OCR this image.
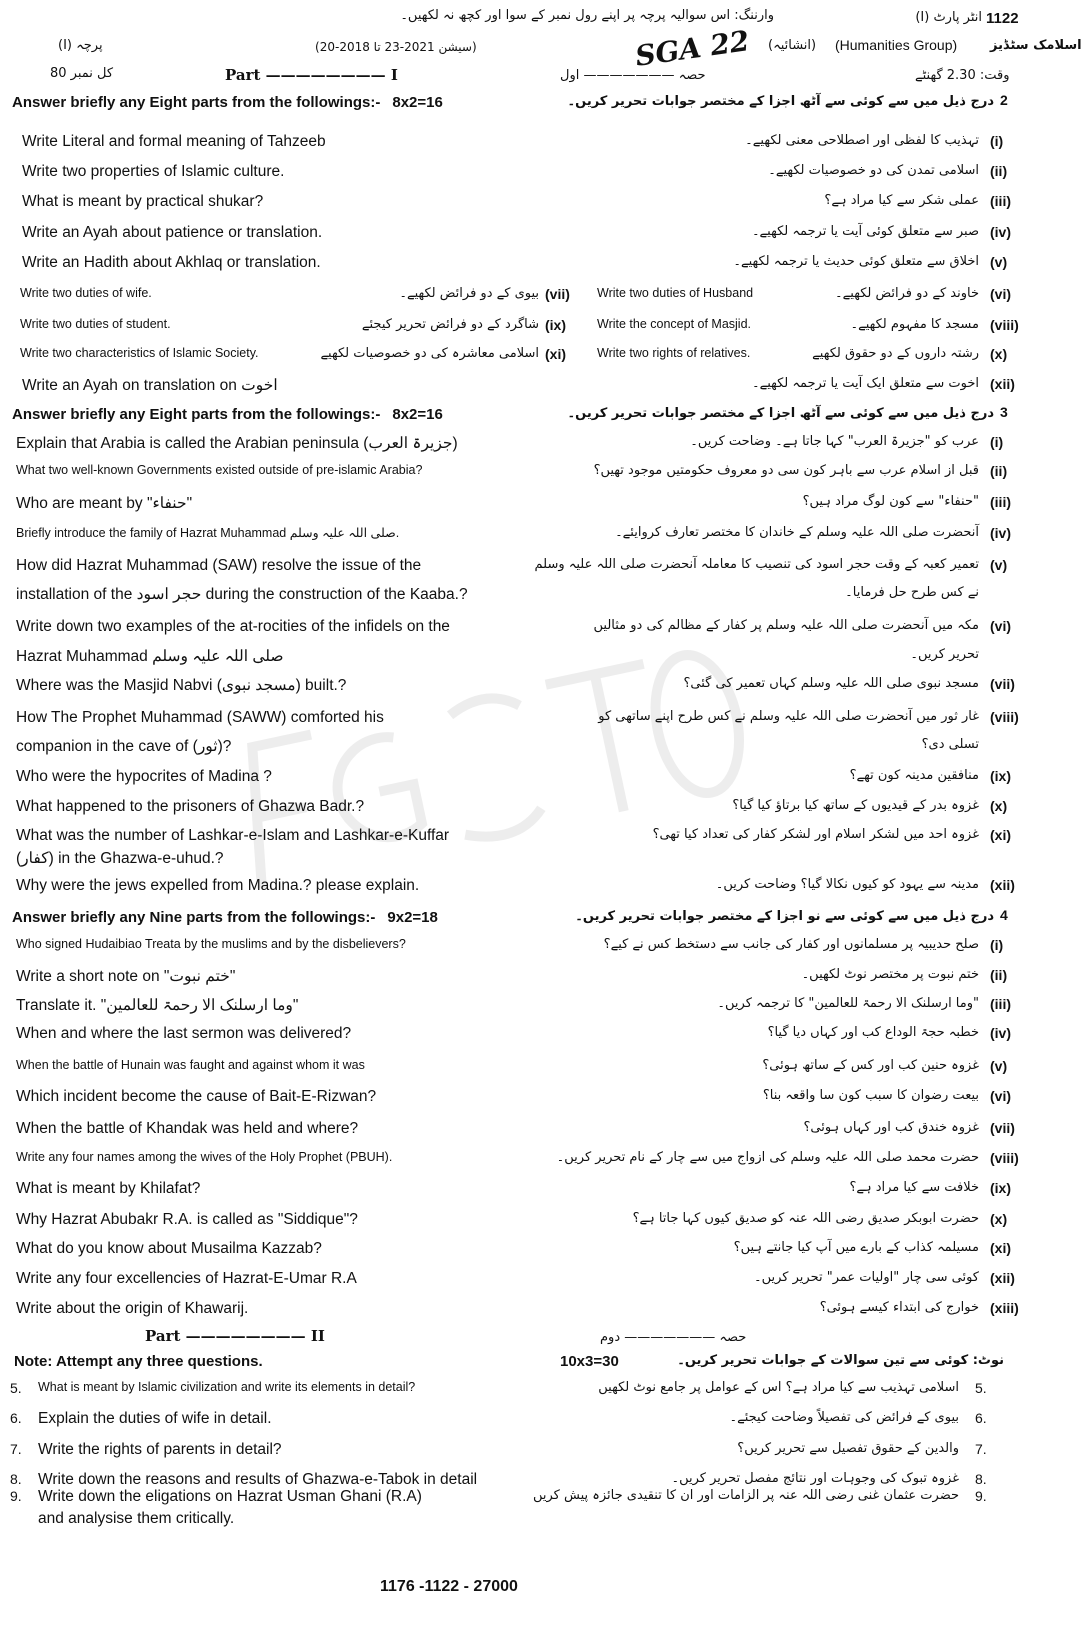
1122
انٹر پارٹ (I)
وارننگ: اس سوالیہ پرچہ پر اپنے رول نمبر کے سوا اور کچھ نہ لکھیں۔
اسلامک سٹڈیز
(Humanities Group)
(انشائیہ)
SGA 22
(سیشن 2021-23 تا 2018-20)
پرچہ (I)
وقت: 2.30 گھنٹے
حصہ ——————— اول
Part ———————— I
کل نمبر 80
2
درج ذیل میں سے کوئی سے آٹھ اجزا کے مختصر جوابات تحریر کریں۔
Answer briefly any Eight parts from the followings:- 8x2=16
Write Literal and formal meaning of Tahzeeb	تہذیب کا لفظی اور اصطلاحی معنی لکھیے۔ (i)
Write two properties of Islamic culture.	اسلامی تمدن کی دو خصوصیات لکھیے۔ (ii)
What is meant by practical shukar?	عملی شکر سے کیا مراد ہے؟ (iii)
Write an Ayah about patience or translation.	صبر سے متعلق کوئی آیت یا ترجمہ لکھیے۔ (iv)
Write an Hadith about Akhlaq or translation.	اخلاق سے متعلق کوئی حدیث یا ترجمہ لکھیے۔ (v)
Write two duties of wife.	بیوی کے دو فرائض لکھیے۔ (vii) Write two duties of Husband	خاوند کے دو فرائض لکھیے۔ (vi)
Write two duties of student.	شاگرد کے دو فرائض تحریر کیجئے (ix) Write the concept of Masjid.	مسجد کا مفہوم لکھیے۔ (viii)
Write two characteristics of Islamic Society.	اسلامی معاشرہ کی دو خصوصیات لکھیے (xi) Write two rights of relatives.	رشتہ داروں کے دو حقوق لکھیے (x)
Write an Ayah on translation on اخوت	اخوت سے متعلق ایک آیت یا ترجمہ لکھیے۔ (xii)
3
درج ذیل میں سے کوئی سے آٹھ اجزا کے مختصر جوابات تحریر کریں۔
Answer briefly any Eight parts from the followings:- 8x2=16
Explain that Arabia is called the Arabian peninsula (جزیرۃ العرب)	عرب کو "جزیرۃ العرب" کہا جاتا ہے۔ وضاحت کریں۔ (i)
What two well-known Governments existed outside of pre-islamic Arabia?	قبل از اسلام عرب سے باہر کون سی دو معروف حکومتیں موجود تھیں؟ (ii)
Who are meant by "حنفاء"	"حنفاء" سے کون لوگ مراد ہیں؟ (iii)
Briefly introduce the family of Hazrat Muhammad صلی اللہ علیہ وسلم.	آنحضرت صلی اللہ علیہ وسلم کے خاندان کا مختصر تعارف کروایئے۔ (iv)
How did Hazrat Muhammad (SAW) resolve the issue of the	تعمیر کعبہ کے وقت حجر اسود کی تنصیب کا معاملہ آنحضرت صلی اللہ علیہ وسلم
installation of the حجر اسود during the construction of the Kaaba.?	نے کس طرح حل فرمایا۔
(v)
Write down two examples of the at-rocities of the infidels on the	مکہ میں آنحضرت صلی اللہ علیہ وسلم پر کفار کے مظالم کی دو مثالیں
Hazrat Muhammad صلی اللہ علیہ وسلم	تحریر کریں۔
(vi)
Where was the Masjid Nabvi (مسجد نبوی) built.?	مسجد نبوی صلی اللہ علیہ وسلم کہاں تعمیر کی گئی؟ (vii)
How The Prophet Muhammad (SAWW) comforted his	غار ثور میں آنحضرت صلی اللہ علیہ وسلم نے کس طرح اپنے ساتھی کو
companion in the cave of (ثور)?	تسلی دی؟
(viii)
Who were the hypocrites of Madina ?	منافقین مدینہ کون تھے؟ (ix)
What happened to the prisoners of Ghazwa Badr.?	غزوہ بدر کے قیدیوں کے ساتھ کیا برتاؤ کیا گیا؟ (x)
What was the number of Lashkar-e-Islam and Lashkar-e-Kuffar	غزوہ احد میں لشکر اسلام اور لشکر کفار کی تعداد کیا تھی؟
(کفار) in the Ghazwa-e-uhud.?
(xi)
Why were the jews expelled from Madina.? please explain.	مدینہ سے یہود کو کیوں نکالا گیا؟ وضاحت کریں۔ (xii)
4
درج ذیل میں سے کوئی سے نو اجزا کے مختصر جوابات تحریر کریں۔
Answer briefly any Nine parts from the followings:- 9x2=18
Who signed Hudaibiao Treata by the muslims and by the disbelievers?	صلح حدیبیہ پر مسلمانوں اور کفار کی جانب سے دستخط کس نے کیے؟ (i)
Write a short note on "ختم نبوت"	ختم نبوت پر مختصر نوٹ لکھیں۔ (ii)
Translate it. "وما ارسلنک الا رحمۃ للعالمین"	"وما ارسلنک الا رحمۃ للعالمین" کا ترجمہ کریں۔ (iii)
When and where the last sermon was delivered?	خطبہ حجۃ الوداع کب اور کہاں دیا گیا؟ (iv)
When the battle of Hunain was faught and against whom it was	غزوہ حنین کب اور کس کے ساتھ ہوئی؟ (v)
Which incident become the cause of Bait-E-Rizwan?	بیعت رضوان کا سبب کون سا واقعہ بنا؟ (vi)
When the battle of Khandak was held and where?	غزوہ خندق کب اور کہاں ہوئی؟ (vii)
Write any four names among the wives of the Holy Prophet (PBUH).	حضرت محمد صلی اللہ علیہ وسلم کی ازواج میں سے چار کے نام تحریر کریں۔ (viii)
What is meant by Khilafat?	خلافت سے کیا مراد ہے؟ (ix)
Why Hazrat Abubakr R.A. is called as "Siddique"?	حضرت ابوبکر صدیق رضی اللہ عنہ کو صدیق کیوں کہا جاتا ہے؟ (x)
What do you know about Musailma Kazzab?	مسیلمہ کذاب کے بارے میں آپ کیا جانتے ہیں؟ (xi)
Write any four excellencies of Hazrat-E-Umar R.A	کوئی سی چار "اولیات عمر" تحریر کریں۔ (xii)
Write about the origin of Khawarij.	خوارج کی ابتداء کیسے ہوئی؟ (xiii)
Part ———————— II	حصہ ——————— دوم
Note: Attempt any three questions.	10x3=30	نوٹ: کوئی سے تین سوالات کے جوابات تحریر کریں۔
5. What is meant by Islamic civilization and write its elements in detail?	اسلامی تہذیب سے کیا مراد ہے؟ اس کے عوامل پر جامع نوٹ لکھیں 5.
6. Explain the duties of wife in detail.	بیوی کے فرائض کی تفصیلاً وضاحت کیجئے۔ 6.
7. Write the rights of parents in detail?	والدین کے حقوق تفصیل سے تحریر کریں؟ 7.
8. Write down the reasons and results of Ghazwa-e-Tabok in detail	غزوہ تبوک کی وجوہات اور نتائج مفصل تحریر کریں۔ 8.
9. Write down the eligations on Hazrat Usman Ghani (R.A)
and analysise them critically.
حضرت عثمان غنی رضی اللہ عنہ پر الزامات اور ان کا تنقیدی جائزہ پیش کریں 9.
1176 -1122 - 27000
